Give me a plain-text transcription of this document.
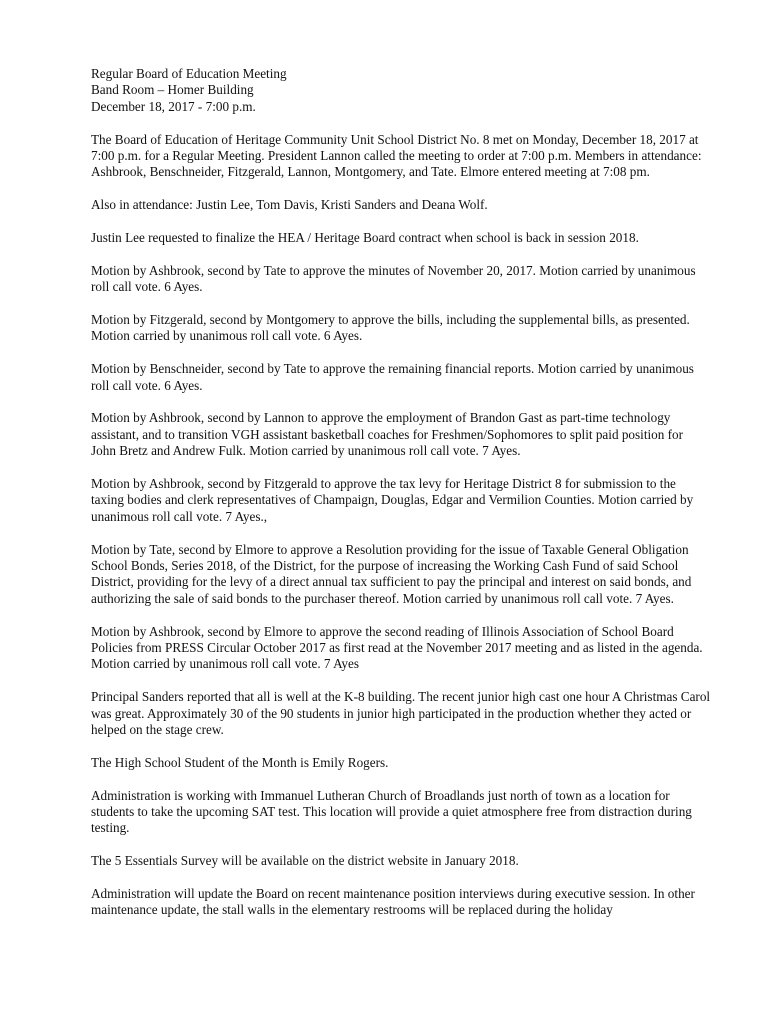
Regular Board of Education Meeting
Band Room – Homer Building
December 18, 2017 - 7:00 p.m.

The Board of Education of Heritage Community Unit School District No. 8 met on Monday, December 18, 2017 at 7:00 p.m. for a Regular Meeting. President Lannon called the meeting to order at 7:00 p.m. Members in attendance: Ashbrook, Benschneider, Fitzgerald, Lannon, Montgomery, and Tate. Elmore entered meeting at 7:08 pm.

Also in attendance: Justin Lee, Tom Davis, Kristi Sanders and Deana Wolf.

Justin Lee requested to finalize the HEA / Heritage Board contract when school is back in session 2018.

Motion by Ashbrook, second by Tate to approve the minutes of November 20, 2017. Motion carried by unanimous roll call vote. 6 Ayes.

Motion by Fitzgerald, second by Montgomery to approve the bills, including the supplemental bills, as presented. Motion carried by unanimous roll call vote. 6 Ayes.

Motion by Benschneider, second by Tate to approve the remaining financial reports. Motion carried by unanimous roll call vote. 6 Ayes.

Motion by Ashbrook, second by Lannon to approve the employment of Brandon Gast as part-time technology assistant, and to transition VGH assistant basketball coaches for Freshmen/Sophomores to split paid position for John Bretz and Andrew Fulk. Motion carried by unanimous roll call vote. 7 Ayes.

Motion by Ashbrook, second by Fitzgerald to approve the tax levy for Heritage District 8 for submission to the taxing bodies and clerk representatives of Champaign, Douglas, Edgar and Vermilion Counties. Motion carried by unanimous roll call vote. 7 Ayes.,

Motion by Tate, second by Elmore to approve a Resolution providing for the issue of Taxable General Obligation School Bonds, Series 2018, of the District, for the purpose of increasing the Working Cash Fund of said School District, providing for the levy of a direct annual tax sufficient to pay the principal and interest on said bonds, and authorizing the sale of said bonds to the purchaser thereof. Motion carried by unanimous roll call vote. 7 Ayes.

Motion by Ashbrook, second by Elmore to approve the second reading of Illinois Association of School Board Policies from PRESS Circular October 2017 as first read at the November 2017 meeting and as listed in the agenda. Motion carried by unanimous roll call vote. 7 Ayes

Principal Sanders reported that all is well at the K-8 building. The recent junior high cast one hour A Christmas Carol was great. Approximately 30 of the 90 students in junior high participated in the production whether they acted or helped on the stage crew.

The High School Student of the Month is Emily Rogers.

Administration is working with Immanuel Lutheran Church of Broadlands just north of town as a location for students to take the upcoming SAT test. This location will provide a quiet atmosphere free from distraction during testing.

The 5 Essentials Survey will be available on the district website in January 2018.

Administration will update the Board on recent maintenance position interviews during executive session. In other maintenance update, the stall walls in the elementary restrooms will be replaced during the holiday
